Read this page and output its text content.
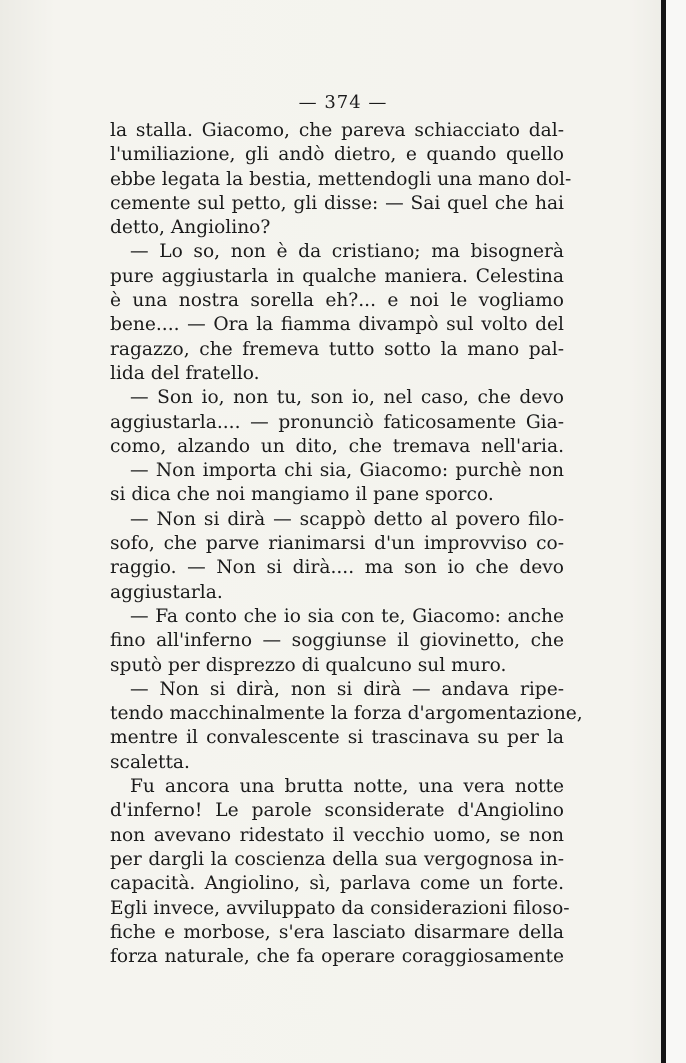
— 374 —
la stalla. Giacomo, che pareva schiacciato dal-
l'umiliazione, gli andò dietro, e quando quello
ebbe legata la bestia, mettendogli una mano dol-
cemente sul petto, gli disse: — Sai quel che hai
detto, Angiolino?
— Lo so, non è da cristiano; ma bisognerà
pure aggiustarla in qualche maniera. Celestina
è una nostra sorella eh?... e noi le vogliamo
bene.... — Ora la fiamma divampò sul volto del
ragazzo, che fremeva tutto sotto la mano pal-
lida del fratello.
— Son io, non tu, son io, nel caso, che devo
aggiustarla.... — pronunciò faticosamente Gia-
como, alzando un dito, che tremava nell'aria.
— Non importa chi sia, Giacomo: purchè non
si dica che noi mangiamo il pane sporco.
— Non si dirà — scappò detto al povero filo-
sofo, che parve rianimarsi d'un improvviso co-
raggio. — Non si dirà.... ma son io che devo
aggiustarla.
— Fa conto che io sia con te, Giacomo: anche
fino all'inferno — soggiunse il giovinetto, che
sputò per disprezzo di qualcuno sul muro.
— Non si dirà, non si dirà — andava ripe-
tendo macchinalmente la forza d'argomentazione,
mentre il convalescente si trascinava su per la
scaletta.
Fu ancora una brutta notte, una vera notte
d'inferno! Le parole sconsiderate d'Angiolino
non avevano ridestato il vecchio uomo, se non
per dargli la coscienza della sua vergognosa in-
capacità. Angiolino, sì, parlava come un forte.
Egli invece, avviluppato da considerazioni filoso-
fiche e morbose, s'era lasciato disarmare della
forza naturale, che fa operare coraggiosamente
